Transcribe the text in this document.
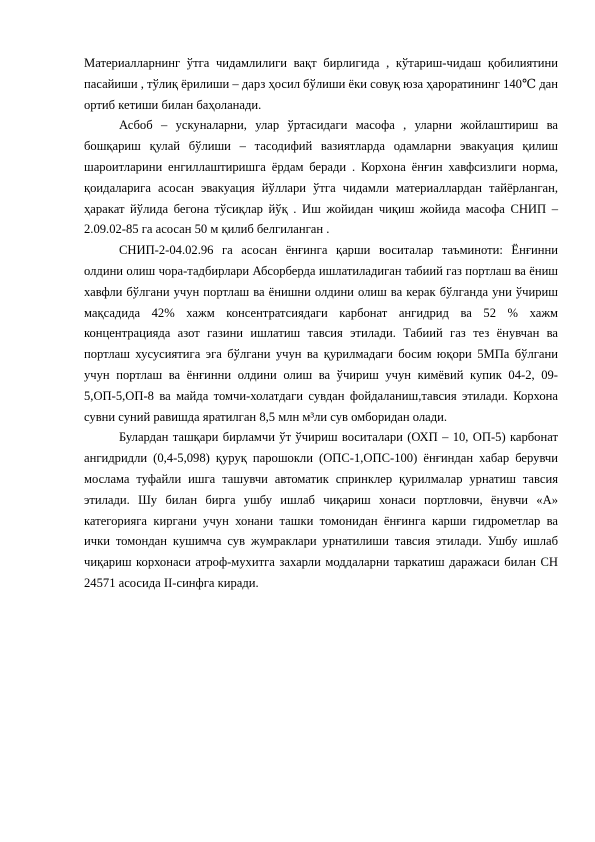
Материалларнинг ўтга чидамлилиги вақт бирлигида , кўтариш-чидаш қобилиятини пасайиши , тўлиқ ёрилиши – дарз ҳосил бўлиши ёки совуқ юза ҳароратининг 140℃ дан ортиб кетиши билан баҳоланади.

Асбоб – ускуналарни, улар ўртасидаги масофа , уларни жойлаштириш ва бошқариш қулай бўлиши – тасодифий вазиятларда одамларни эвакуация қилиш шароитларини енгиллаштиришга ёрдам беради . Корхона ёнғин хавфсизлиги норма, қоидаларига асосан эвакуация йўллари ўтга чидамли материаллардан тайёрланган, ҳаракат йўлида бегона тўсиқлар йўқ . Иш жойидан чиқиш жойида масофа СНИП – 2.09.02-85 га асосан 50 м қилиб белгиланган .

СНИП-2-04.02.96 га асосан ёнғинга қарши воситалар таъминоти: Ёнғинни олдини олиш чора-тадбирлари Абсорберда ишлатиладиган табиий газ портлаш ва ёниш хавфли бўлгани учун портлаш ва ёнишни олдини олиш ва керак бўлганда уни ўчириш мақсадида 42% хажм консентратсиядаги карбонат ангидрид ва 52 % хажм концентрацияда азот газини ишлатиш тавсия этилади. Табиий газ тез ёнувчан ва портлаш хусусиятига эга бўлгани учун ва қурилмадаги босим юқори 5МПа бўлгани учун портлаш ва ёнғинни олдини олиш ва ўчириш учун кимёвий купик 04-2, 09-5,ОП-5,ОП-8 ва майда томчи-холатдаги сувдан фойдаланиш,тавсия этилади. Корхона сувни суний равишда яратилган 8,5 млн м³ли сув омборидан олади.

Булардан ташқари бирламчи ўт ўчириш воситалари (ОХП – 10, ОП-5) карбонат ангидридли (0,4-5,098) қуруқ парошокли (ОПС-1,ОПС-100) ёнғиндан хабар берувчи мослама туфайли ишга ташувчи автоматик спринклер қурилмалар урнатиш тавсия этилади. Шу билан бирга ушбу ишлаб чиқариш хонаси портловчи, ёнувчи «А» категорияга киргани учун хонани ташки томонидан ёнғинга карши гидрометлар ва ички томондан кушимча сув жумраклари урнатилиши тавсия этилади. Ушбу ишлаб чиқариш корхонаси атроф-мухитга захарли моддаларни таркатиш даражаси билан СН 24571 асосида II-синфга киради.
